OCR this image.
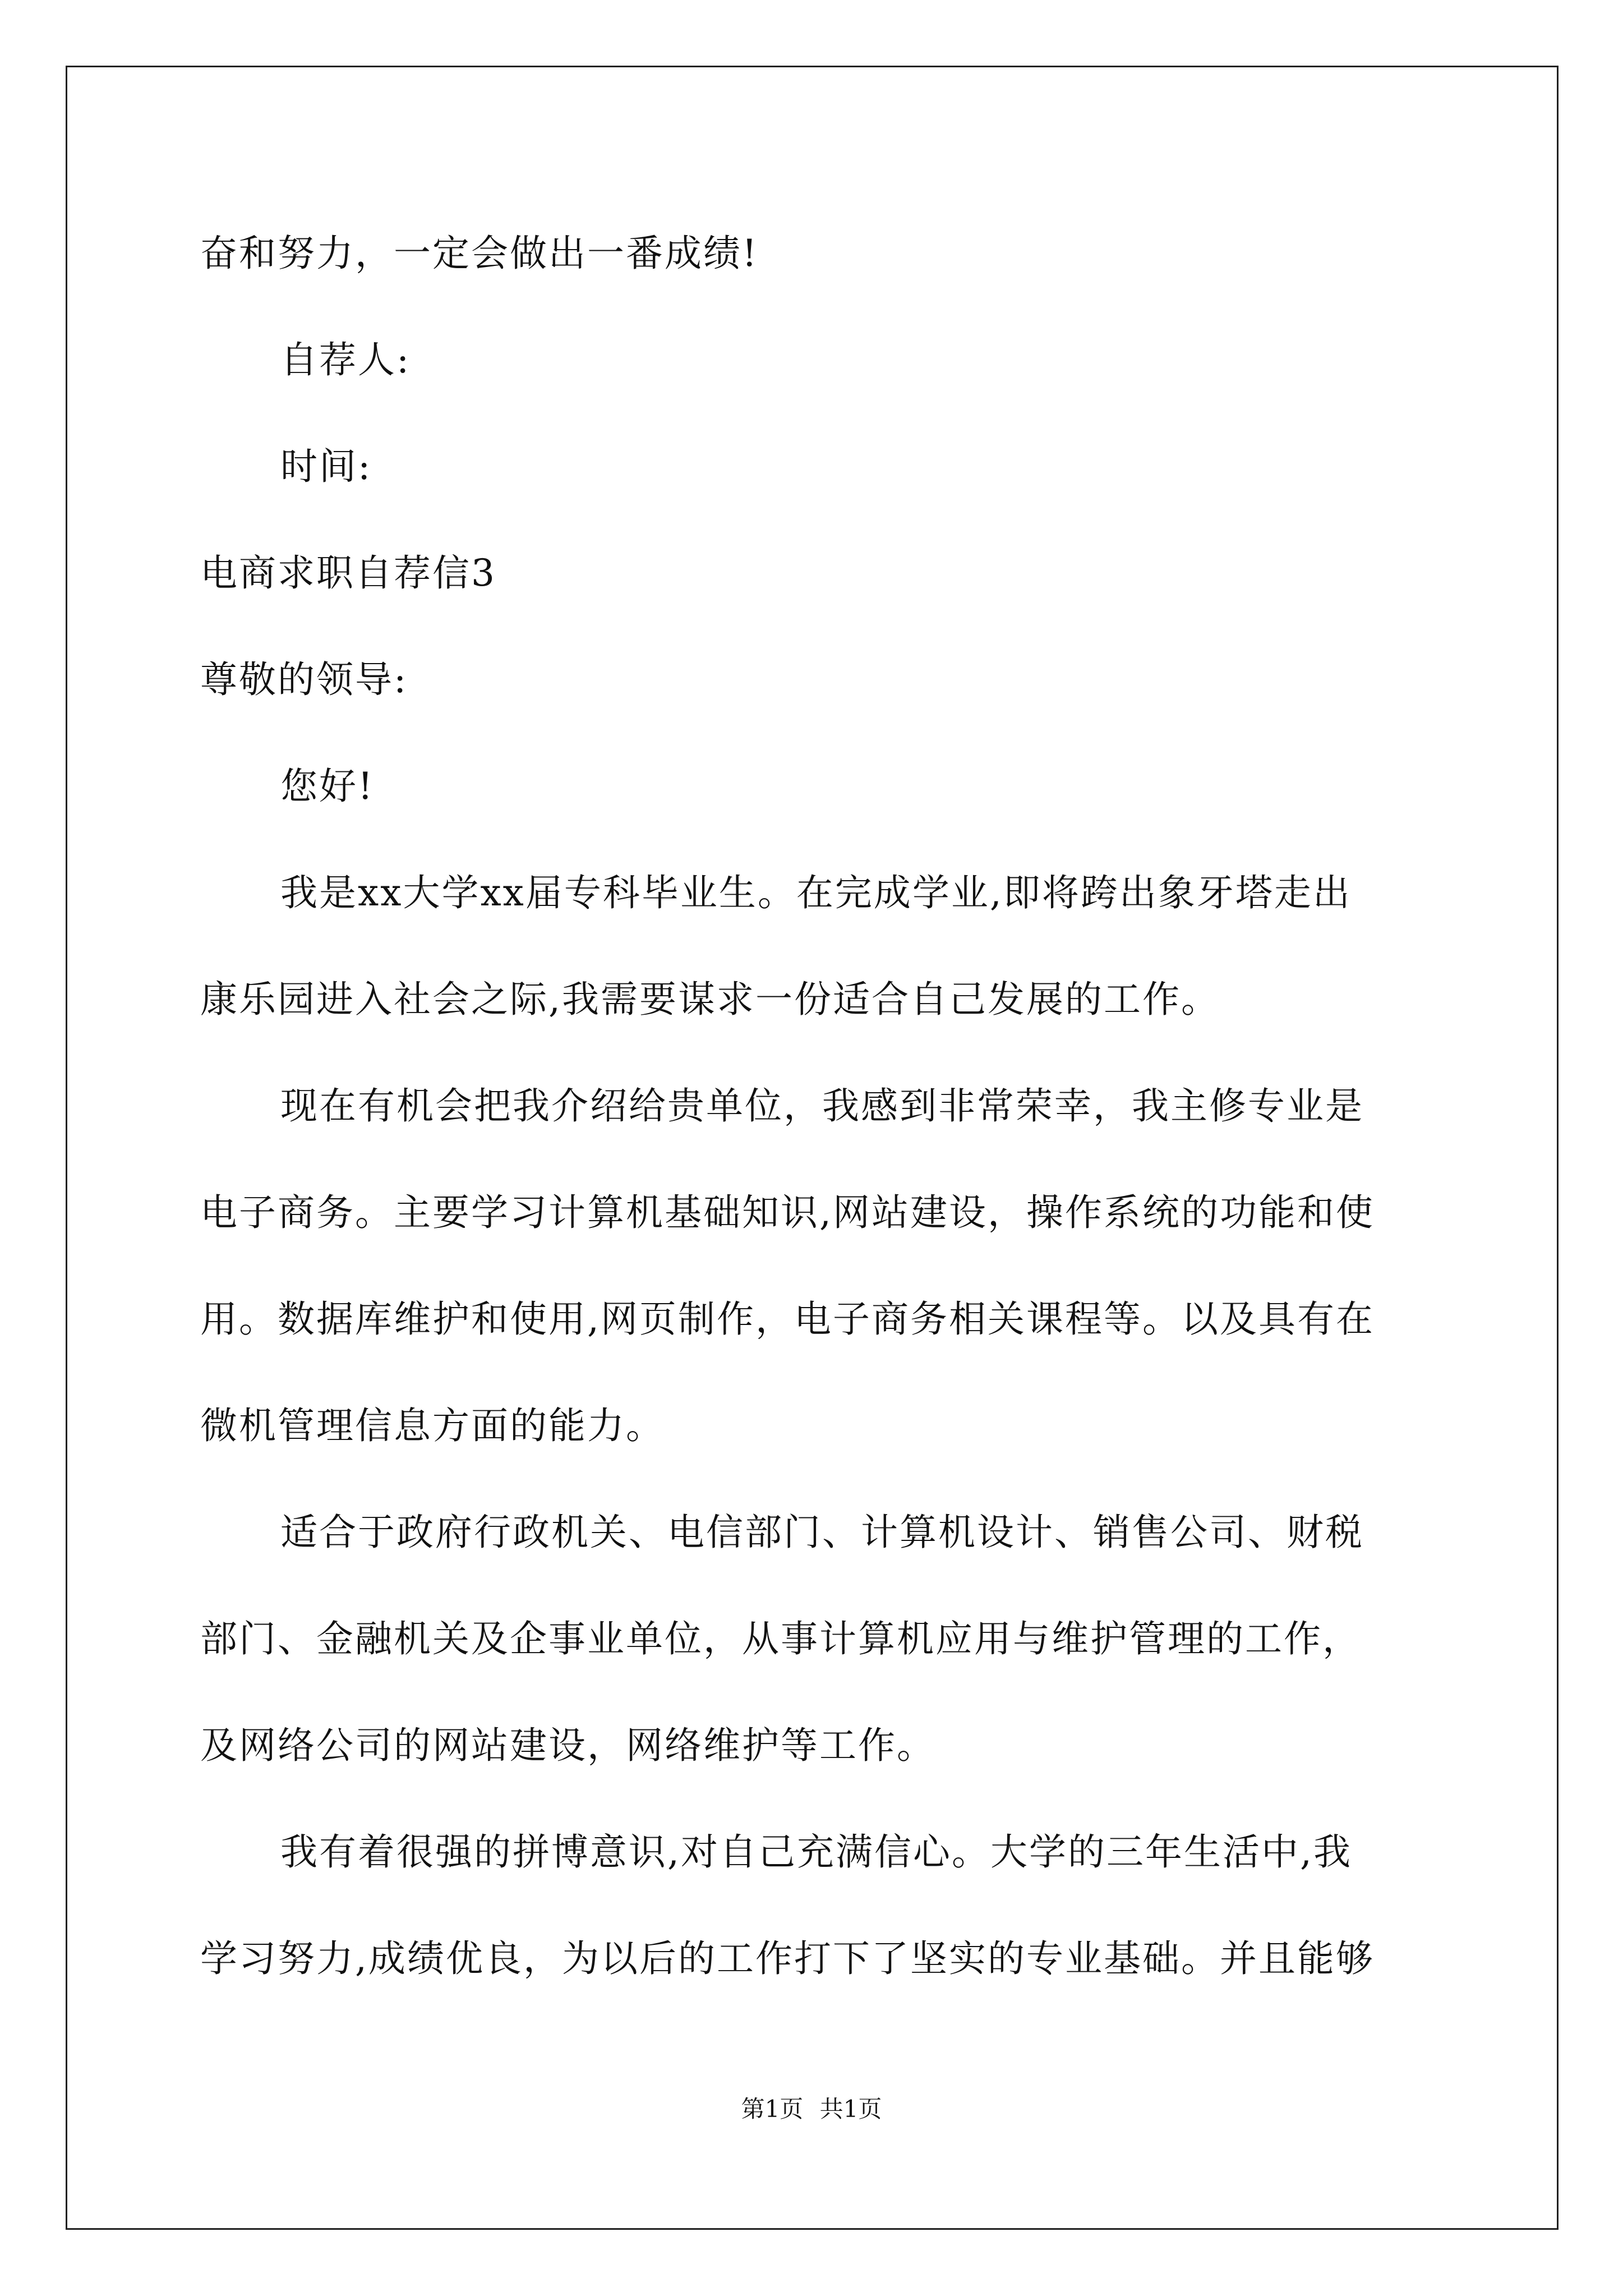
奋和努力，一定会做出一番成绩!
自荐人:
时间:
电商求职自荐信3
尊敬的领导:
您好!
我是xx大学xx届专科毕业生。在完成学业,即将跨出象牙塔走出
康乐园进入社会之际,我需要谋求一份适合自己发展的工作。
现在有机会把我介绍给贵单位，我感到非常荣幸，我主修专业是
电子商务。主要学习计算机基础知识,网站建设，操作系统的功能和使
用。数据库维护和使用,网页制作，电子商务相关课程等。以及具有在
微机管理信息方面的能力。
适合于政府行政机关、电信部门、计算机设计、销售公司、财税
部门、金融机关及企事业单位，从事计算机应用与维护管理的工作，
及网络公司的网站建设，网络维护等工作。
我有着很强的拼博意识,对自己充满信心。大学的三年生活中,我
学习努力,成绩优良，为以后的工作打下了坚实的专业基础。并且能够
第1页 共1页
